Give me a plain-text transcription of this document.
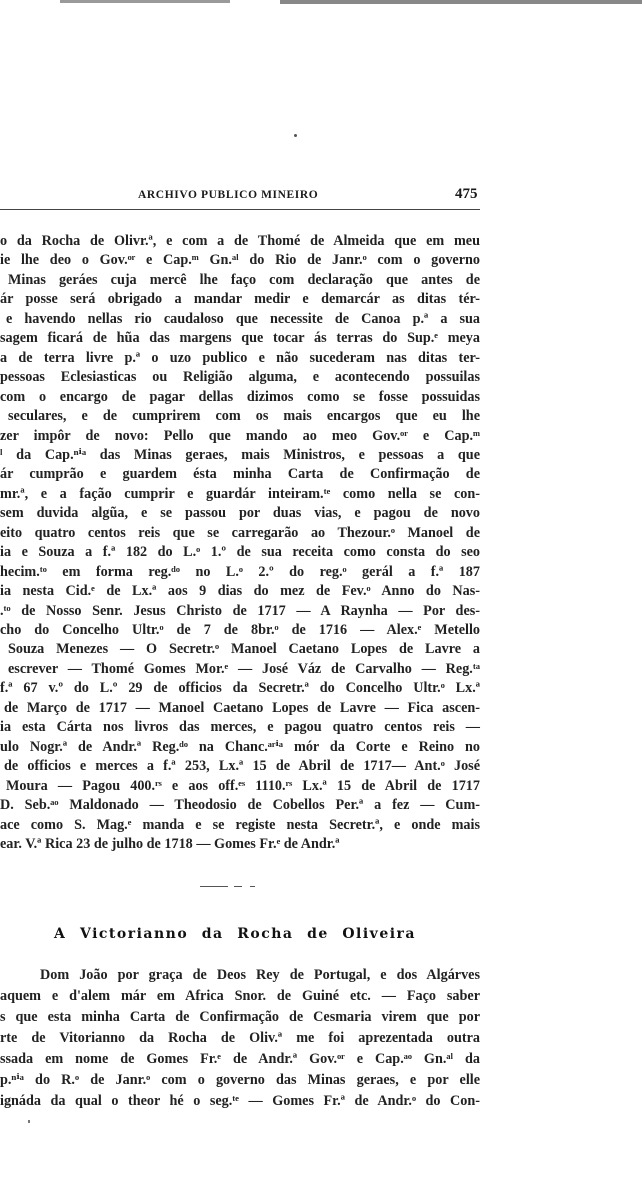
ARCHIVO PUBLICO MINEIRO	475
o da Rocha de Olivr.ª, e com a de Thomé de Almeida que em meu
ie lhe deo o Gov.ᵒʳ e Cap.ᵐ Gn.ᵃˡ do Rio de Janr.ᵒ com o governo
Minas geráes cuja mercê lhe faço com declaração que antes de
ár posse será obrigado a mandar medir e demarcár as ditas tér-
e havendo nellas rio caudaloso que necessite de Canoa p.ª a sua
sagem ficará de hũa das margens que tocar ás terras do Sup.ᵉ meya
a de terra livre p.ª o uzo publico e não sucederam nas ditas ter-
pessoas Eclesiasticas ou Religião alguma, e acontecendo possuilas
com o encargo de pagar dellas dizimos como se fosse possuidas
seculares, e de cumprirem com os mais encargos que eu lhe
zer impôr de novo: Pello que mando ao meo Gov.ᵒʳ e Cap.ᵐ
ˡ da Cap.ⁿⁱᵃ das Minas geraes, mais Ministros, e pessoas a que
ár cumprão e guardem ésta minha Carta de Confirmação de
mr.ª, e a fação cumprir e guardár inteiram.ᵗᵉ como nella se con-
sem duvida algũa, e se passou por duas vias, e pagou de novo
eito quatro centos reis que se carregarão ao Thezour.ᵒ Manoel de
ia e Souza a f.ª 182 do L.ᵒ 1.º de sua receita como consta do seo
hecim.ᵗᵒ em forma reg.ᵈᵒ no L.ᵒ 2.º do reg.ᵒ gerál a f.ª 187
ia nesta Cid.ᵉ de Lx.ª aos 9 dias do mez de Fev.ᵒ Anno do Nas-
.ᵗᵒ de Nosso Senr. Jesus Christo de 1717 — A Raynha — Por des-
cho do Concelho Ultr.ᵒ de 7 de 8br.ᵒ de 1716 — Alex.ᵉ Metello
Souza Menezes — O Secretr.ᵒ Manoel Caetano Lopes de Lavre a
escrever — Thomé Gomes Mor.ᵉ — José Váz de Carvalho — Reg.ᵗᵃ
f.ª 67 v.º do L.º 29 de officios da Secretr.ª do Concelho Ultr.ᵒ Lx.ª
de Março de 1717 — Manoel Caetano Lopes de Lavre — Fica ascen-
ia esta Cárta nos livros das merces, e pagou quatro centos reis —
ulo Nogr.ª de Andr.ª Reg.ᵈᵒ na Chanc.ᵃʳⁱᵃ mór da Corte e Reino no
de officios e merces a f.ª 253, Lx.ª 15 de Abril de 1717— Ant.ᵒ José
Moura — Pagou 400.ʳˢ e aos off.ᵉˢ 1110.ʳˢ Lx.ª 15 de Abril de 1717
D. Seb.ᵃᵒ Maldonado — Theodosio de Cobellos Per.ª a fez — Cum-
ace como S. Mag.ᵉ manda e se registe nesta Secretr.ª, e onde mais
ear. V.ª Rica 23 de julho de 1718 — Gomes Fr.ᵉ de Andr.ª
A Victorianno da Rocha de Oliveira
Dom João por graça de Deos Rey de Portugal, e dos Algárves
aquem e d'alem már em Africa Snor. de Guiné etc. — Faço saber
s que esta minha Carta de Confirmação de Cesmaria virem que por
rte de Vitorianno da Rocha de Oliv.ª me foi aprezentada outra
ssada em nome de Gomes Fr.ᵉ de Andr.ª Gov.ᵒʳ e Cap.ᵃᵒ Gn.ᵃˡ da
p.ⁿⁱᵃ do R.ᵒ de Janr.ᵒ com o governo das Minas geraes, e por elle
ignáda da qual o theor hé o seg.ᵗᵉ — Gomes Fr.ª de Andr.ᵒ do Con-
